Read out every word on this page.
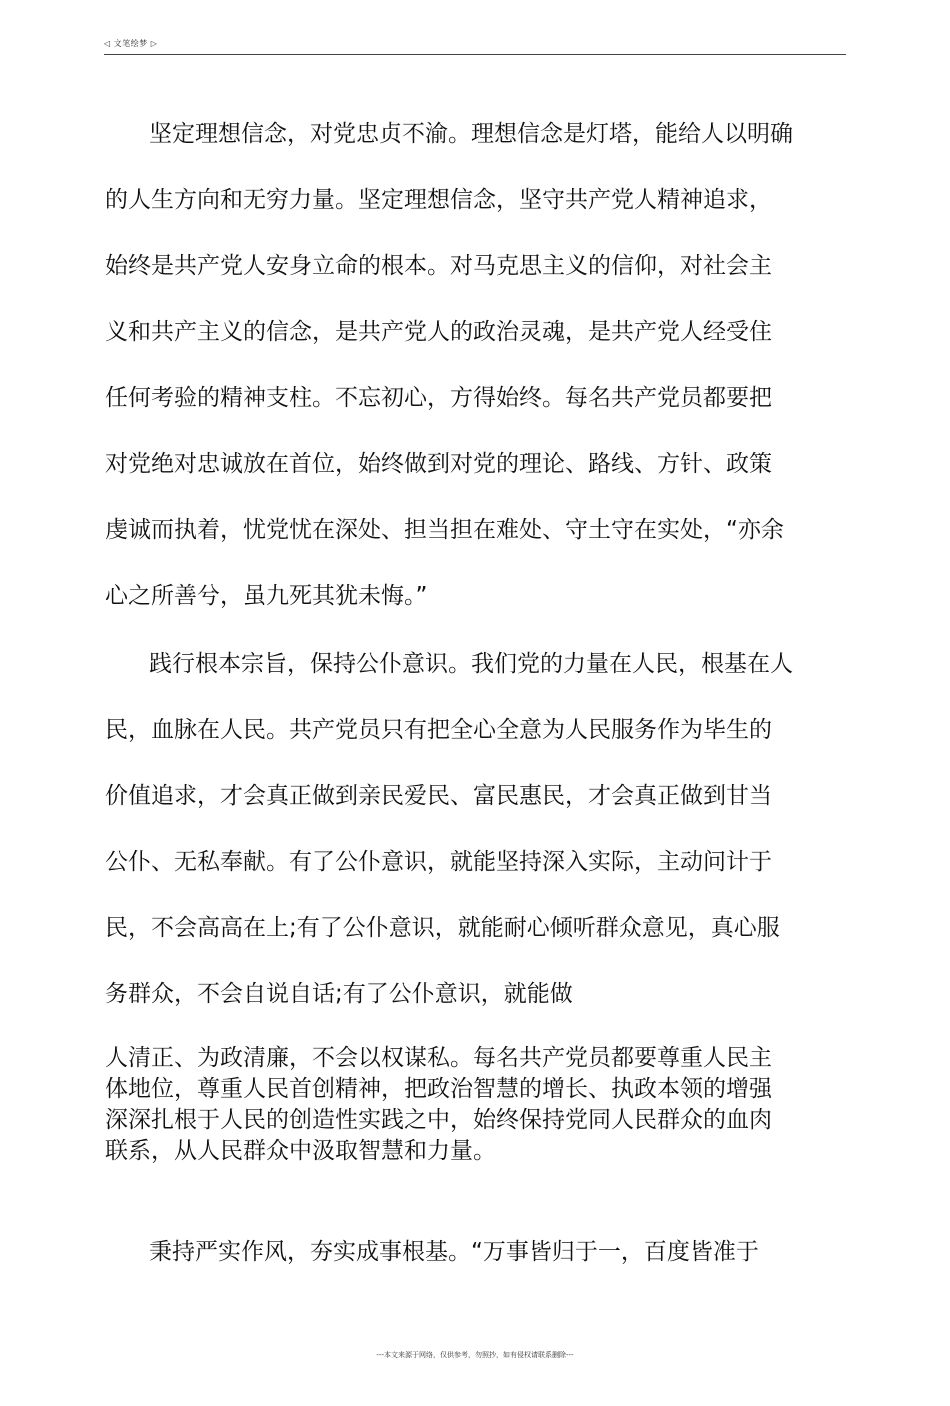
◁ 文笔绘梦 ▷
坚定理想信念，对党忠贞不渝。理想信念是灯塔，能给人以明确
的人生方向和无穷力量。坚定理想信念，坚守共产党人精神追求，
始终是共产党人安身立命的根本。对马克思主义的信仰，对社会主
义和共产主义的信念，是共产党人的政治灵魂，是共产党人经受住
任何考验的精神支柱。不忘初心，方得始终。每名共产党员都要把
对党绝对忠诚放在首位，始终做到对党的理论、路线、方针、政策
虔诚而执着，忧党忧在深处、担当担在难处、守土守在实处，“亦余
心之所善兮，虽九死其犹未悔。”
践行根本宗旨，保持公仆意识。我们党的力量在人民，根基在人
民，血脉在人民。共产党员只有把全心全意为人民服务作为毕生的
价值追求，才会真正做到亲民爱民、富民惠民，才会真正做到甘当
公仆、无私奉献。有了公仆意识，就能坚持深入实际，主动问计于
民，不会高高在上;有了公仆意识，就能耐心倾听群众意见，真心服
务群众，不会自说自话;有了公仆意识，就能做
人清正、为政清廉，不会以权谋私。每名共产党员都要尊重人民主
体地位，尊重人民首创精神，把政治智慧的增长、执政本领的增强
深深扎根于人民的创造性实践之中，始终保持党同人民群众的血肉
联系，从人民群众中汲取智慧和力量。
秉持严实作风，夯实成事根基。“万事皆归于一，百度皆准于
---本文来源于网络，仅供参考，勿照抄，如有侵权请联系删除---
